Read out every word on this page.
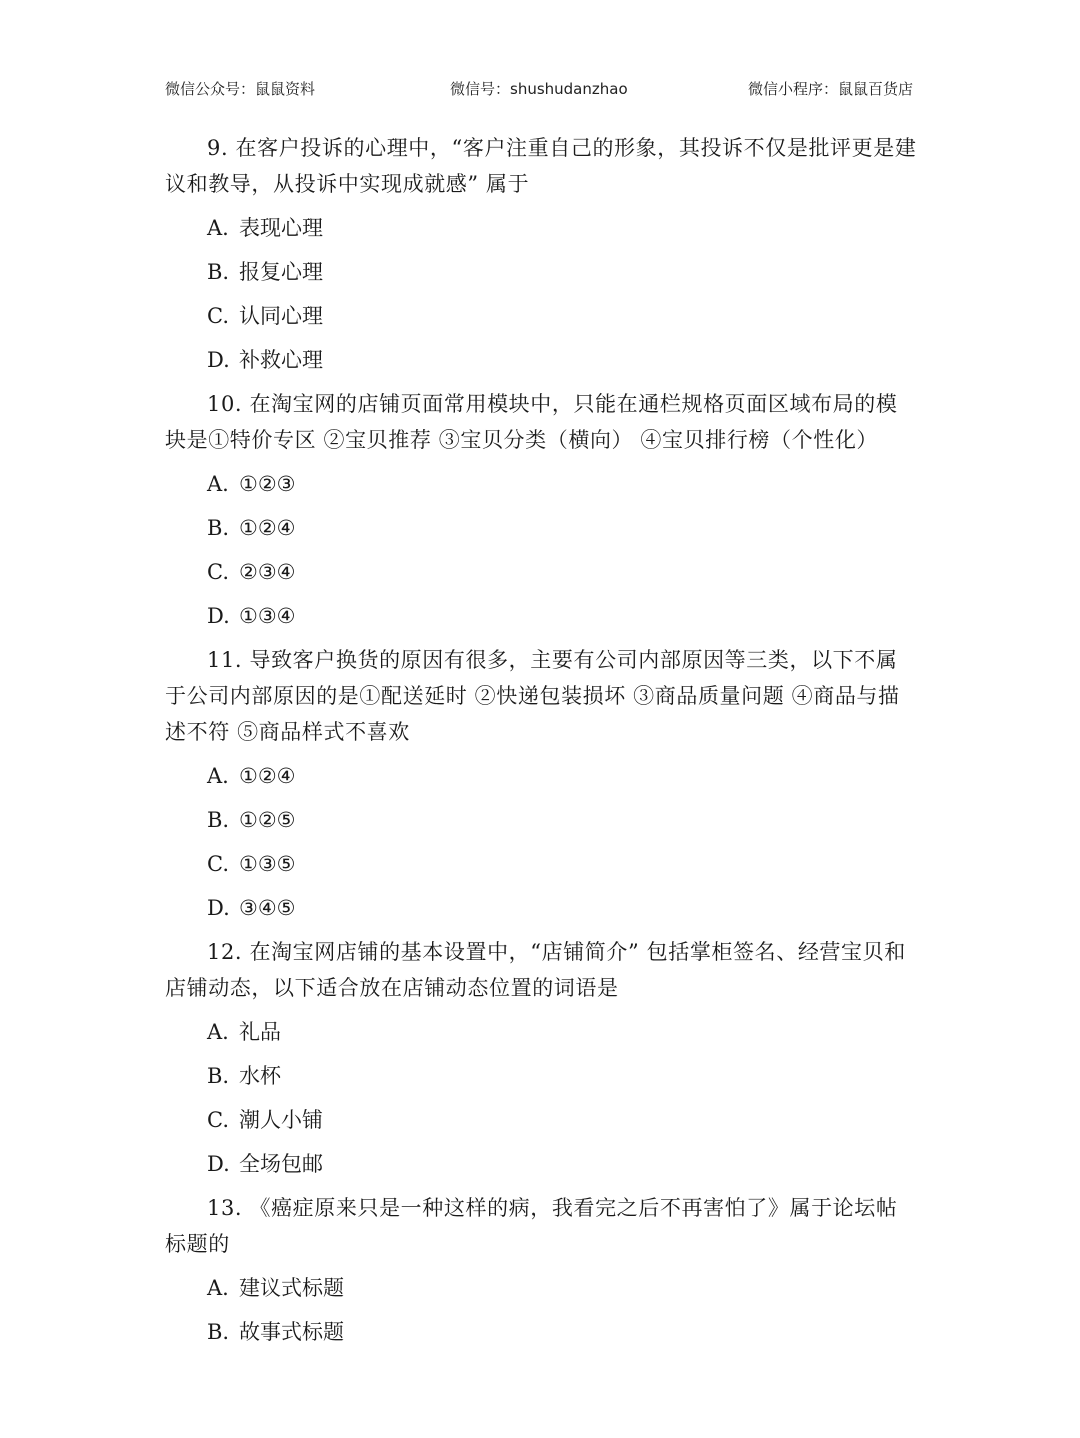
微信公众号：鼠鼠资料	微信号：shushudanzhao	微信小程序：鼠鼠百货店

9. 在客户投诉的心理中，“客户注重自己的形象，其投诉不仅是批评更是建议和教导，从投诉中实现成就感” 属于

A. 表现心理
B. 报复心理
C. 认同心理
D. 补救心理

10. 在淘宝网的店铺页面常用模块中，只能在通栏规格页面区域布局的模块是①特价专区 ②宝贝推荐 ③宝贝分类（横向） ④宝贝排行榜（个性化）

A. ①②③
B. ①②④
C. ②③④
D. ①③④

11. 导致客户换货的原因有很多，主要有公司内部原因等三类，以下不属于公司内部原因的是①配送延时 ②快递包装损坏 ③商品质量问题 ④商品与描述不符 ⑤商品样式不喜欢

A. ①②④
B. ①②⑤
C. ①③⑤
D. ③④⑤

12. 在淘宝网店铺的基本设置中，“店铺简介” 包括掌柜签名、经营宝贝和店铺动态，以下适合放在店铺动态位置的词语是

A. 礼品
B. 水杯
C. 潮人小铺
D. 全场包邮

13. 《癌症原来只是一种这样的病，我看完之后不再害怕了》属于论坛帖标题的

A. 建议式标题
B. 故事式标题
